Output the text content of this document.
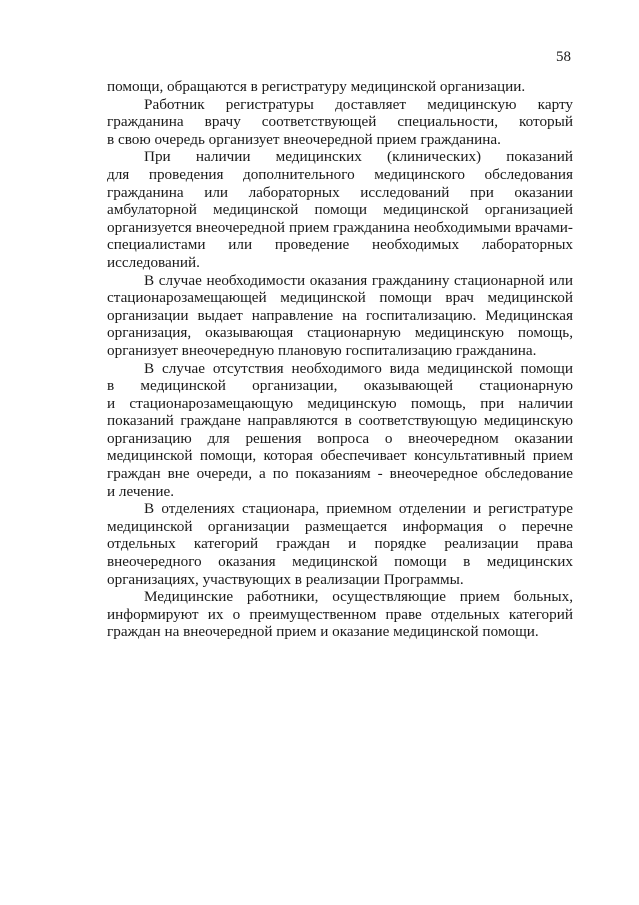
58
помощи, обращаются в регистратуру медицинской организации.
Работник регистратуры доставляет медицинскую карту
гражданина врачу соответствующей специальности, который
в свою очередь организует внеочередной прием гражданина.
При наличии медицинских (клинических) показаний
для проведения дополнительного медицинского обследования
гражданина или лабораторных исследований при оказании
амбулаторной медицинской помощи медицинской организацией
организуется внеочередной прием гражданина необходимыми врачами-
специалистами или проведение необходимых лабораторных
исследований.
В случае необходимости оказания гражданину стационарной или
стационарозамещающей медицинской помощи врач медицинской
организации выдает направление на госпитализацию. Медицинская
организация, оказывающая стационарную медицинскую помощь,
организует внеочередную плановую госпитализацию гражданина.
В случае отсутствия необходимого вида медицинской помощи
в медицинской организации, оказывающей стационарную
и стационарозамещающую медицинскую помощь, при наличии
показаний граждане направляются в соответствующую медицинскую
организацию для решения вопроса о внеочередном оказании
медицинской помощи, которая обеспечивает консультативный прием
граждан вне очереди, а по показаниям - внеочередное обследование
и лечение.
В отделениях стационара, приемном отделении и регистратуре
медицинской организации размещается информация о перечне
отдельных категорий граждан и порядке реализации права
внеочередного оказания медицинской помощи в медицинских
организациях, участвующих в реализации Программы.
Медицинские работники, осуществляющие прием больных,
информируют их о преимущественном праве отдельных категорий
граждан на внеочередной прием и оказание медицинской помощи.
